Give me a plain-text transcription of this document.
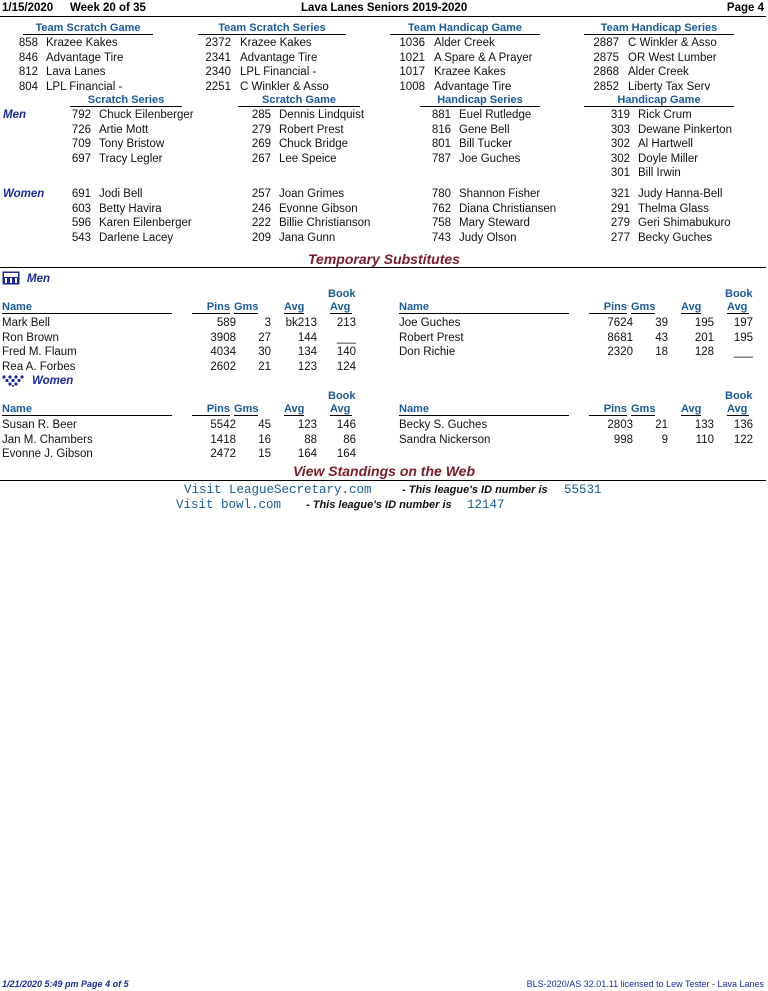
1/15/2020 Week 20 of 35	Lava Lanes Seniors 2019-2020	Page 4
Team Scratch Game
858 Krazee Kakes
846 Advantage Tire
812 Lava Lanes
804 LPL Financial -
Team Scratch Series
2372 Krazee Kakes
2341 Advantage Tire
2340 LPL Financial -
2251 C Winkler & Asso
Team Handicap Game
1036 Alder Creek
1021 A Spare & A Prayer
1017 Krazee Kakes
1008 Advantage Tire
Team Handicap Series
2887 C Winkler & Asso
2875 OR West Lumber
2868 Alder Creek
2852 Liberty Tax Serv
Scratch Series	Scratch Game	Handicap Series	Handicap Game
792 Chuck Eilenberger
726 Artie Mott
709 Tony Bristow
697 Tracy Legler
285 Dennis Lindquist
279 Robert Prest
269 Chuck Bridge
267 Lee Speice
881 Euel Rutledge
816 Gene Bell
801 Bill Tucker
787 Joe Guches
319 Rick Crum
303 Dewane Pinkerton
302 Al Hartwell
302 Doyle Miller
301 Bill Irwin
691 Jodi Bell
603 Betty Havira
596 Karen Eilenberger
543 Darlene Lacey
257 Joan Grimes
246 Evonne Gibson
222 Billie Christianson
209 Jana Gunn
780 Shannon Fisher
762 Diana Christiansen
758 Mary Steward
743 Judy Olson
321 Judy Hanna-Bell
291 Thelma Glass
279 Geri Shimabukuro
277 Becky Guches
Men
Women
Temporary Substitutes
Men
Women
Book
Name	Pins Gms Avg Avg
Book
Name	Pins Gms Avg Avg
Mark Bell	589	3	bk213	213
Ron Brown	3908	27	144	___
Fred M. Flaum	4034	30	134	140
Rea A. Forbes	2602	21	123	124
Joe Guches	7624	39	195	197
Robert Prest	8681	43	201	195
Don Richie	2320	18	128	___
Book
Name	Pins Gms Avg Avg
Book
Name	Pins Gms Avg Avg
Susan R. Beer	5542	45	123	146
Jan M. Chambers	1418	16	88	86
Evonne J. Gibson	2472	15	164	164
Becky S. Guches	2803	21	133	136
Sandra Nickerson	998	9	110	122
View Standings on the Web
Visit LeagueSecretary.com	- This league's ID number is 55531
Visit bowl.com - This league's ID number is 12147
1/21/2020 5:49 pm Page 4 of 5	BLS-2020/AS 32.01.11 licensed to Lew Tester - Lava Lanes
